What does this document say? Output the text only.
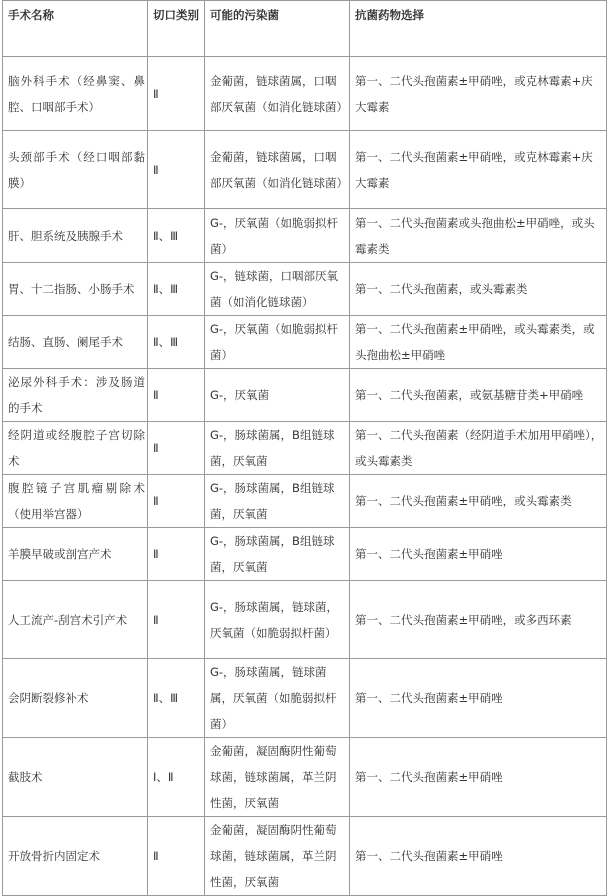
手术名称	切口类别	可能的污染菌	抗菌药物选择
脑外科手术（经鼻窦、鼻腔、口咽部手术）	Ⅱ	金葡菌，链球菌属，口咽部厌氧菌（如消化链球菌）	第一、二代头孢菌素±甲硝唑，或克林霉素+庆大霉素
头颈部手术（经口咽部黏膜）	Ⅱ	金葡菌，链球菌属，口咽部厌氧菌（如消化链球菌）	第一、二代头孢菌素±甲硝唑，或克林霉素+庆大霉素
肝、胆系统及胰腺手术	Ⅱ、Ⅲ	G-，厌氧菌（如脆弱拟杆菌）	第一、二代头孢菌素或头孢曲松±甲硝唑，或头霉素类
胃、十二指肠、小肠手术	Ⅱ、Ⅲ	G-，链球菌，口咽部厌氧菌（如消化链球菌）	第一、二代头孢菌素，或头霉素类
结肠、直肠、阑尾手术	Ⅱ、Ⅲ	G-，厌氧菌（如脆弱拟杆菌）	第一、二代头孢菌素±甲硝唑，或头霉素类，或头孢曲松±甲硝唑
泌尿外科手术：涉及肠道的手术	Ⅱ	G-，厌氧菌	第一、二代头孢菌素，或氨基糖苷类+甲硝唑
经阴道或经腹腔子宫切除术	Ⅱ	G-，肠球菌属，B组链球菌，厌氧菌	第一、二代头孢菌素（经阴道手术加用甲硝唑），或头霉素类
腹腔镜子宫肌瘤剔除术（使用举宫器）	Ⅱ	G-，肠球菌属，B组链球菌，厌氧菌	第一、二代头孢菌素±甲硝唑，或头霉素类
羊膜早破或剖宫产术	Ⅱ	G-，肠球菌属，B组链球菌，厌氧菌	第一、二代头孢菌素±甲硝唑
人工流产-刮宫术引产术	Ⅱ	G-，肠球菌属，链球菌，厌氧菌（如脆弱拟杆菌）	第一、二代头孢菌素±甲硝唑，或多西环素
会阴断裂修补术	Ⅱ、Ⅲ	G-，肠球菌属，链球菌属，厌氧菌（如脆弱拟杆菌）	第一、二代头孢菌素±甲硝唑
截肢术	Ⅰ、Ⅱ	金葡菌，凝固酶阴性葡萄球菌，链球菌属，革兰阴性菌，厌氧菌	第一、二代头孢菌素±甲硝唑
开放骨折内固定术	Ⅱ	金葡菌，凝固酶阴性葡萄球菌，链球菌属，革兰阴性菌，厌氧菌	第一、二代头孢菌素±甲硝唑
